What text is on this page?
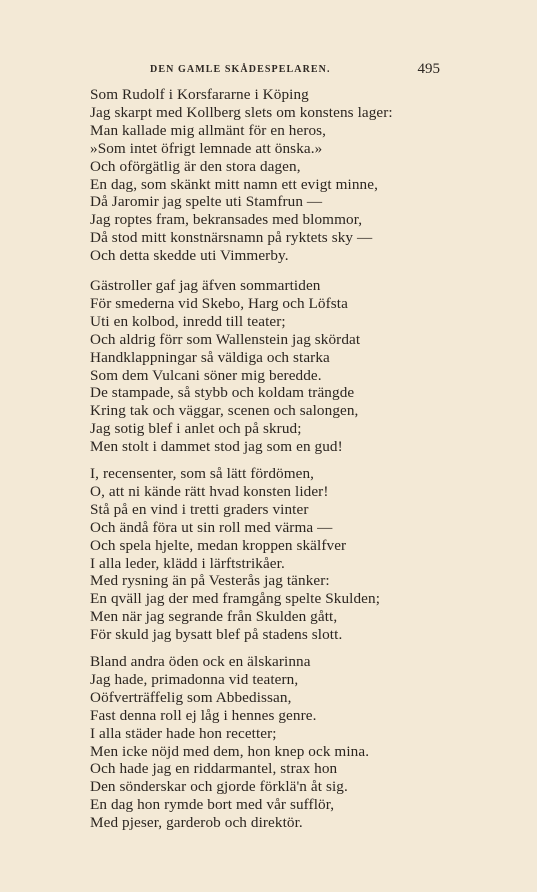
DEN GAMLE SKÅDESPELAREN.	495
Som Rudolf i Korsfararne i Köping
Jag skarpt med Kollberg slets om konstens lager:
Man kallade mig allmänt för en heros,
»Som intet öfrigt lemnade att önska.»
Och oförgätlig är den stora dagen,
En dag, som skänkt mitt namn ett evigt minne,
Då Jaromir jag spelte uti Stamfrun —
Jag roptes fram, bekransades med blommor,
Då stod mitt konstnärsnamn på ryktets sky —
Och detta skedde uti Vimmerby.
Gästroller gaf jag äfven sommartiden
För smederna vid Skebo, Harg och Löfsta
Uti en kolbod, inredd till teater;
Och aldrig förr som Wallenstein jag skördat
Handklappningar så väldiga och starka
Som dem Vulcani söner mig beredde.
De stampade, så stybb och koldam trängde
Kring tak och väggar, scenen och salongen,
Jag sotig blef i anlet och på skrud;
Men stolt i dammet stod jag som en gud!
I, recensenter, som så lätt fördömen,
O, att ni kände rätt hvad konsten lider!
Stå på en vind i tretti graders vinter
Och ändå föra ut sin roll med värma —
Och spela hjelte, medan kroppen skälfver
I alla leder, klädd i lärftstrikåer.
Med rysning än på Vesterås jag tänker:
En qväll jag der med framgång spelte Skulden;
Men när jag segrande från Skulden gått,
För skuld jag bysatt blef på stadens slott.
Bland andra öden ock en älskarinna
Jag hade, primadonna vid teatern,
Oöfverträffelig som Abbedissan,
Fast denna roll ej låg i hennes genre.
I alla städer hade hon recetter;
Men icke nöjd med dem, hon knep ock mina.
Och hade jag en riddarmantel, strax hon
Den sönderskar och gjorde förklä'n åt sig.
En dag hon rymde bort med vår sufflör,
Med pjeser, garderob och direktör.
